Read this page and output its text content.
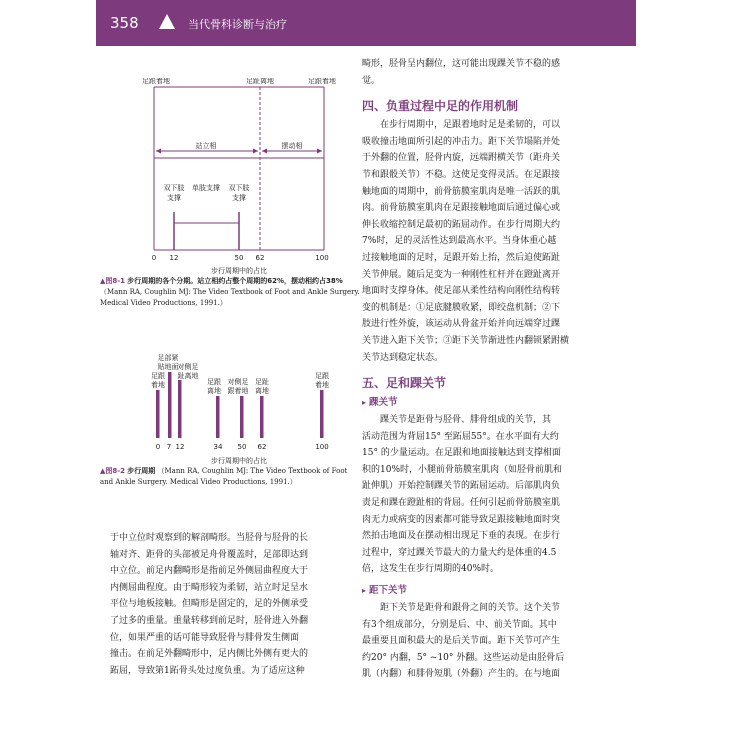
358	当代骨科诊断与治疗
足跟着地	足趾离地	足跟着地
站立相	摆动相
双下肢
支撑
单肢支撑 双下肢
支撑
0 12	50 62	100
步行周期中的占比
▲图8-1 步行周期的各个分期。站立相约占整个周期的62%，摆动相约占38% （Mann RA, Coughlin MJ: The Video Textbook of Foot and Ankle Surgery. Medical Video Productions, 1991.）
足跟
着地
足部紧
贴地面 对侧足
趾离地
足跟
离地
对侧足
跟着地
足趾
离地
足跟
着地
0 7 12	34 50 62	100
步行周期中的占比
▲图8-2 步行周期 （Mann RA, Coughlin MJ: The Video Textbook of Foot and Ankle Surgery. Medical Video Productions, 1991.）

于中立位时观察到的解剖畸形。当胫骨与胫骨的长

轴对齐、距骨的头部被足舟骨覆盖时，足部即达到

中立位。前足内翻畸形是指前足外侧屈曲程度大于

内侧屈曲程度。由于畸形较为柔韧，站立时足呈水

平位与地板接触。但畸形是固定的，足的外侧承受

了过多的重量。重量转移到前足时，胫骨进入外翻

位，如果严重的话可能导致胫骨与腓骨发生侧面

撞击。在前足外翻畸形中，足内侧比外侧有更大的

跖屈，导致第1跖骨头处过度负重。为了适应这种

畸形，胫骨呈内翻位，这可能出现踝关节不稳的感

觉。

四、负重过程中足的作用机制

在步行周期中，足跟着地时足是柔韧的，可以

吸收撞击地面所引起的冲击力。距下关节塌陷并处

于外翻的位置，胫骨内旋，远端跗横关节（距舟关

节和跟骰关节）不稳。这使足变得灵活。在足跟接

触地面的周期中，前骨筋膜室肌肉是唯一活跃的肌

肉。前骨筋膜室肌肉在足跟接触地面后通过偏心或

伸长收缩控制足最初的跖屈动作。在步行周期大约

7%时，足的灵活性达到最高水平。当身体重心越

过接触地面的足时，足跟开始上抬，然后迫使跖趾

关节伸展。随后足变为一种刚性杠杆并在蹬趾离开

地面时支撑身体。使足部从柔性结构向刚性结构转

变的机制是：①足底腱膜收紧，即绞盘机制；②下

肢进行性外旋，该运动从骨盆开始并向远端穿过踝

关节进入距下关节；③距下关节渐进性内翻锁紧跗横

关节达到稳定状态。

五、足和踝关节
▸ 踝关节

踝关节是距骨与胫骨、腓骨组成的关节，其

活动范围为背屈15° 至跖屈55°。在水平面有大约

15° 的少量运动。在足跟和地面接触达到支撑相面

积的10%时，小腿前骨筋膜室肌肉（如胫骨前肌和

趾伸肌）开始控制踝关节的跖屈运动。后部肌肉负

责足和踝在蹬趾相的背屈。任何引起前骨筋膜室肌

肉无力或病变的因素都可能导致足跟接触地面时突

然拍击地面及在摆动相出现足下垂的表现。在步行

过程中，穿过踝关节最大的力量大约是体重的4.5

倍，这发生在步行周期的40%时。

▸ 距下关节

距下关节是距骨和跟骨之间的关节。这个关节

有3个组成部分，分别是后、中、前关节面。其中

最重要且面积最大的是后关节面。距下关节可产生

约20° 内翻，5° ~10° 外翻。这些运动是由胫骨后

肌（内翻）和腓骨短肌（外翻）产生的。在与地面
